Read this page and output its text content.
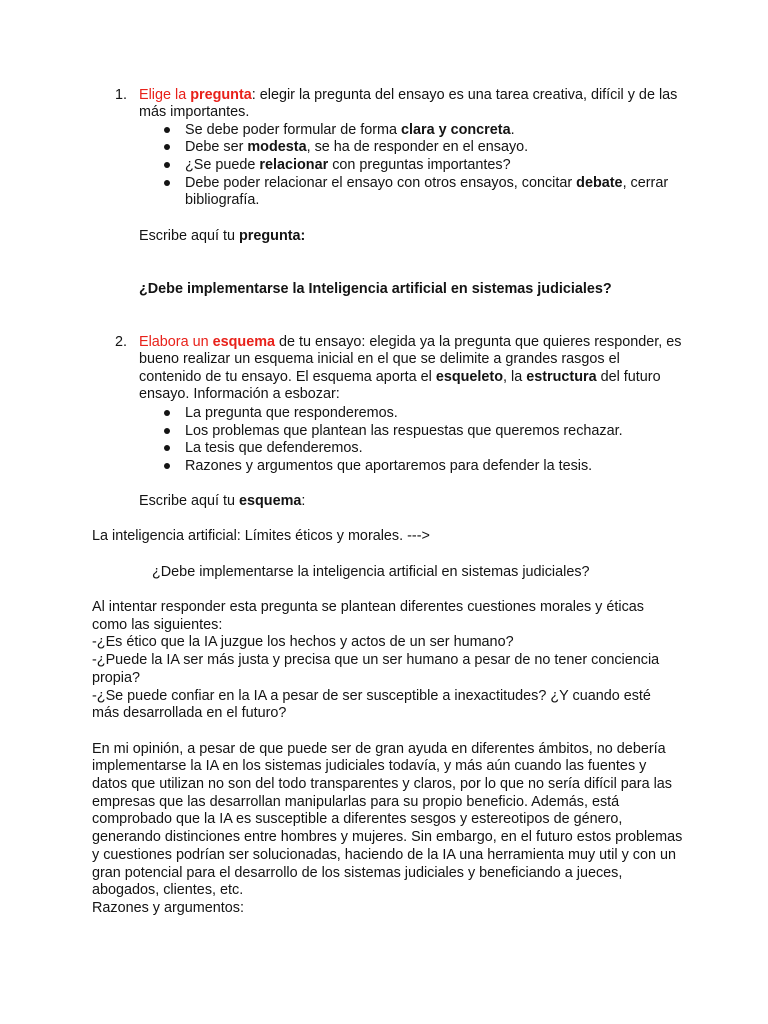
1. Elige la pregunta: elegir la pregunta del ensayo es una tarea creativa, difícil y de las
más importantes.
Se debe poder formular de forma clara y concreta.
Debe ser modesta, se ha de responder en el ensayo.
¿Se puede relacionar con preguntas importantes?
Debe poder relacionar el ensayo con otros ensayos, concitar debate, cerrar
bibliografía.
Escribe aquí tu pregunta:
¿Debe implementarse la Inteligencia artificial en sistemas judiciales?
2. Elabora un esquema de tu ensayo: elegida ya la pregunta que quieres responder, es
bueno realizar un esquema inicial en el que se delimite a grandes rasgos el
contenido de tu ensayo. El esquema aporta el esqueleto, la estructura del futuro
ensayo. Información a esbozar:
La pregunta que responderemos.
Los problemas que plantean las respuestas que queremos rechazar.
La tesis que defenderemos.
Razones y argumentos que aportaremos para defender la tesis.
Escribe aquí tu esquema:
La inteligencia artificial: Límites éticos y morales. --->
¿Debe implementarse la inteligencia artificial en sistemas judiciales?
Al intentar responder esta pregunta se plantean diferentes cuestiones morales y éticas
como las siguientes:
-¿Es ético que la IA juzgue los hechos y actos de un ser humano?
-¿Puede la IA ser más justa y precisa que un ser humano a pesar de no tener conciencia
propia?
-¿Se puede confiar en la IA a pesar de ser susceptible a inexactitudes? ¿Y cuando esté
más desarrollada en el futuro?
En mi opinión, a pesar de que puede ser de gran ayuda en diferentes ámbitos, no debería
implementarse la IA en los sistemas judiciales todavía, y más aún cuando las fuentes y
datos que utilizan no son del todo transparentes y claros, por lo que no sería difícil para las
empresas que las desarrollan manipularlas para su propio beneficio. Además, está
comprobado que la IA es susceptible a diferentes sesgos y estereotipos de género,
generando distinciones entre hombres y mujeres. Sin embargo, en el futuro estos problemas
y cuestiones podrían ser solucionadas, haciendo de la IA una herramienta muy util y con un
gran potencial para el desarrollo de los sistemas judiciales y beneficiando a jueces,
abogados, clientes, etc.
Razones y argumentos:
